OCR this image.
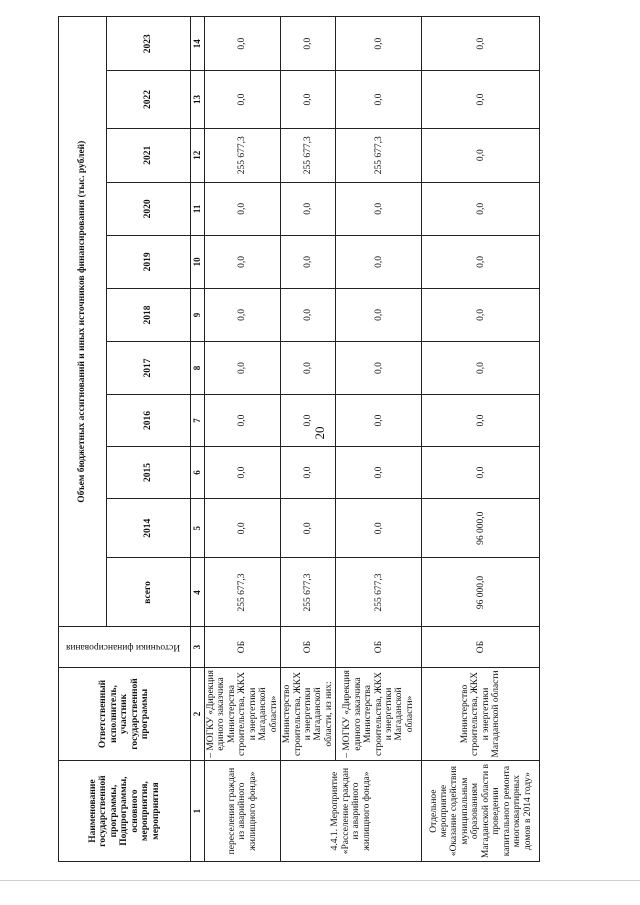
20
Наименование государственной программы, Подпрограммы, основного мероприятия, мероприятия	Ответственный исполнитель, участник государственной программы	Источники финансирования	Объем бюджетных ассигнований и иных источников финансирования (тыс. рублей)										
			всего	2014	2015	2016	2017	2018	2019	2020	2021	2022	2023
1	2	3	4	5	6	7	8	9	10	11	12	13	14
переселения граждан из аварийного жилищного фонда»	– МОГКУ «Дирекция единого заказчика Министерства строительства, ЖКХ и энергетики Магаданской области»	ОБ	255 677,3	0,0	0,0	0,0	0,0	0,0	0,0	0,0	255 677,3	0,0	0,0
4.4.1. Мероприятие «Расселение граждан из аварийного жилищного фонда»	Министерство строительства, ЖКХ и энергетики Магаданской области, из них:	ОБ	255 677,3	0,0	0,0	0,0	0,0	0,0	0,0	0,0	255 677,3	0,0	0,0
	– МОГКУ «Дирекция единого заказчика Министерства строительства, ЖКХ и энергетики Магаданской области»	ОБ	255 677,3	0,0	0,0	0,0	0,0	0,0	0,0	0,0	255 677,3	0,0	0,0
Отдельное мероприятие «Оказание содействия муниципальным образованиям Магаданской области в проведении капитального ремонта многоквартирных домов в 2014 году»	Министерство строительства, ЖКХ и энергетики Магаданской области	ОБ	96 000,0	96 000,0	0,0	0,0	0,0	0,0	0,0	0,0	0,0	0,0	0,0
